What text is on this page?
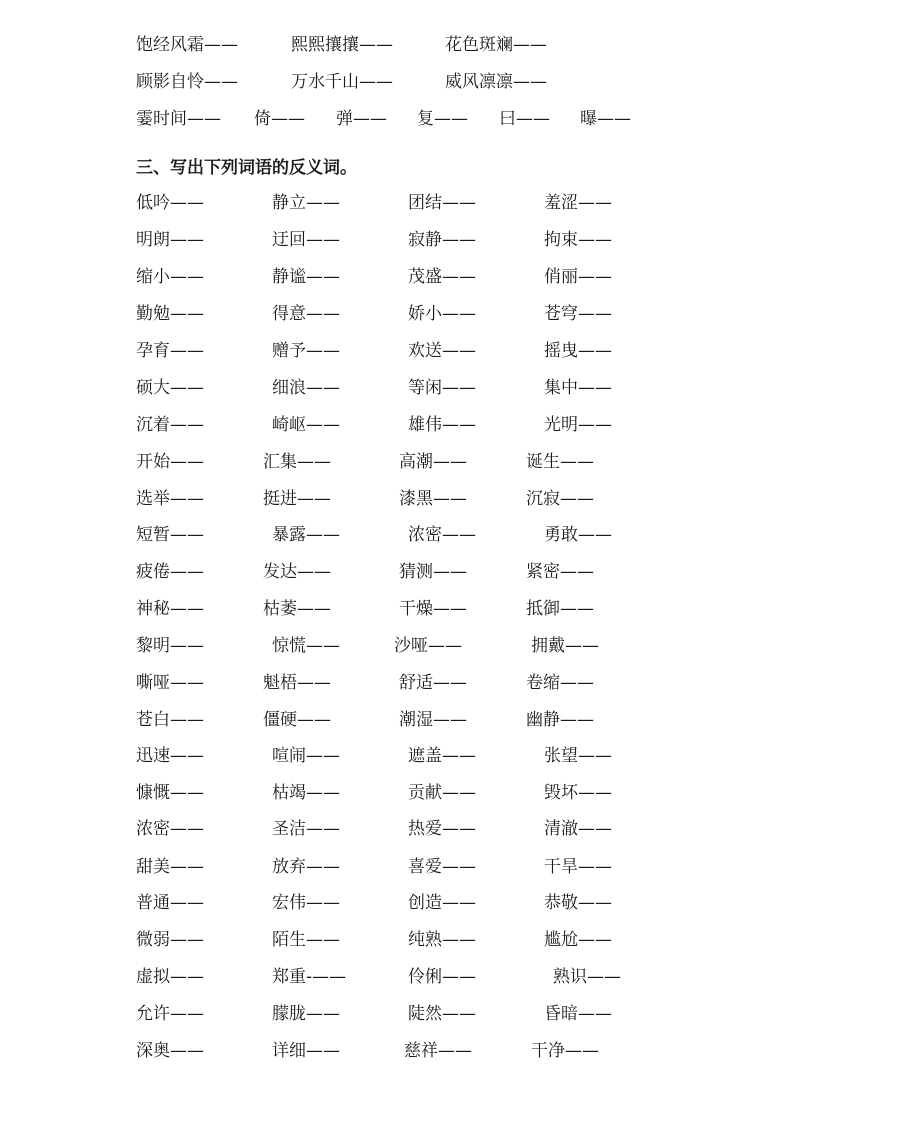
饱经风霜——	熙熙攘攘——	花色斑斓——
顾影自怜——	万水千山——	威风凛凛——
霎时间—— 倚—— 弹—— 复—— 曰—— 曝——
三、写出下列词语的反义词。
低吟——	静立——	团结——	羞涩——
明朗——	迂回——	寂静——	拘束——
缩小——	静谧——	茂盛——	俏丽——
勤勉——	得意——	娇小——	苍穹——
孕育——	赠予——	欢送——	摇曳——
硕大——	细浪——	等闲——	集中——
沉着——	崎岖——	雄伟——	光明——
开始——	汇集——	高潮——	诞生——
选举——	挺进——	漆黑——	沉寂——
短暂——	暴露——	浓密——	勇敢——
疲倦——	发达——	猜测——	紧密——
神秘——	枯萎——	干燥——	抵御——
黎明——	惊慌——	沙哑——	拥戴——
嘶哑——	魁梧——	舒适——	卷缩——
苍白——	僵硬——	潮湿——	幽静——
迅速——	喧闹——	遮盖——	张望——
慷慨——	枯竭——	贡献——	毁坏——
浓密——	圣洁——	热爱——	清澈——
甜美——	放弃——	喜爱——	干旱——
普通——	宏伟——	创造——	恭敬——
微弱——	陌生——	纯熟——	尴尬——
虚拟——	郑重-——	伶俐——	熟识——
允许——	朦胧——	陡然——	昏暗——
深奥——	详细——	慈祥——	干净——
